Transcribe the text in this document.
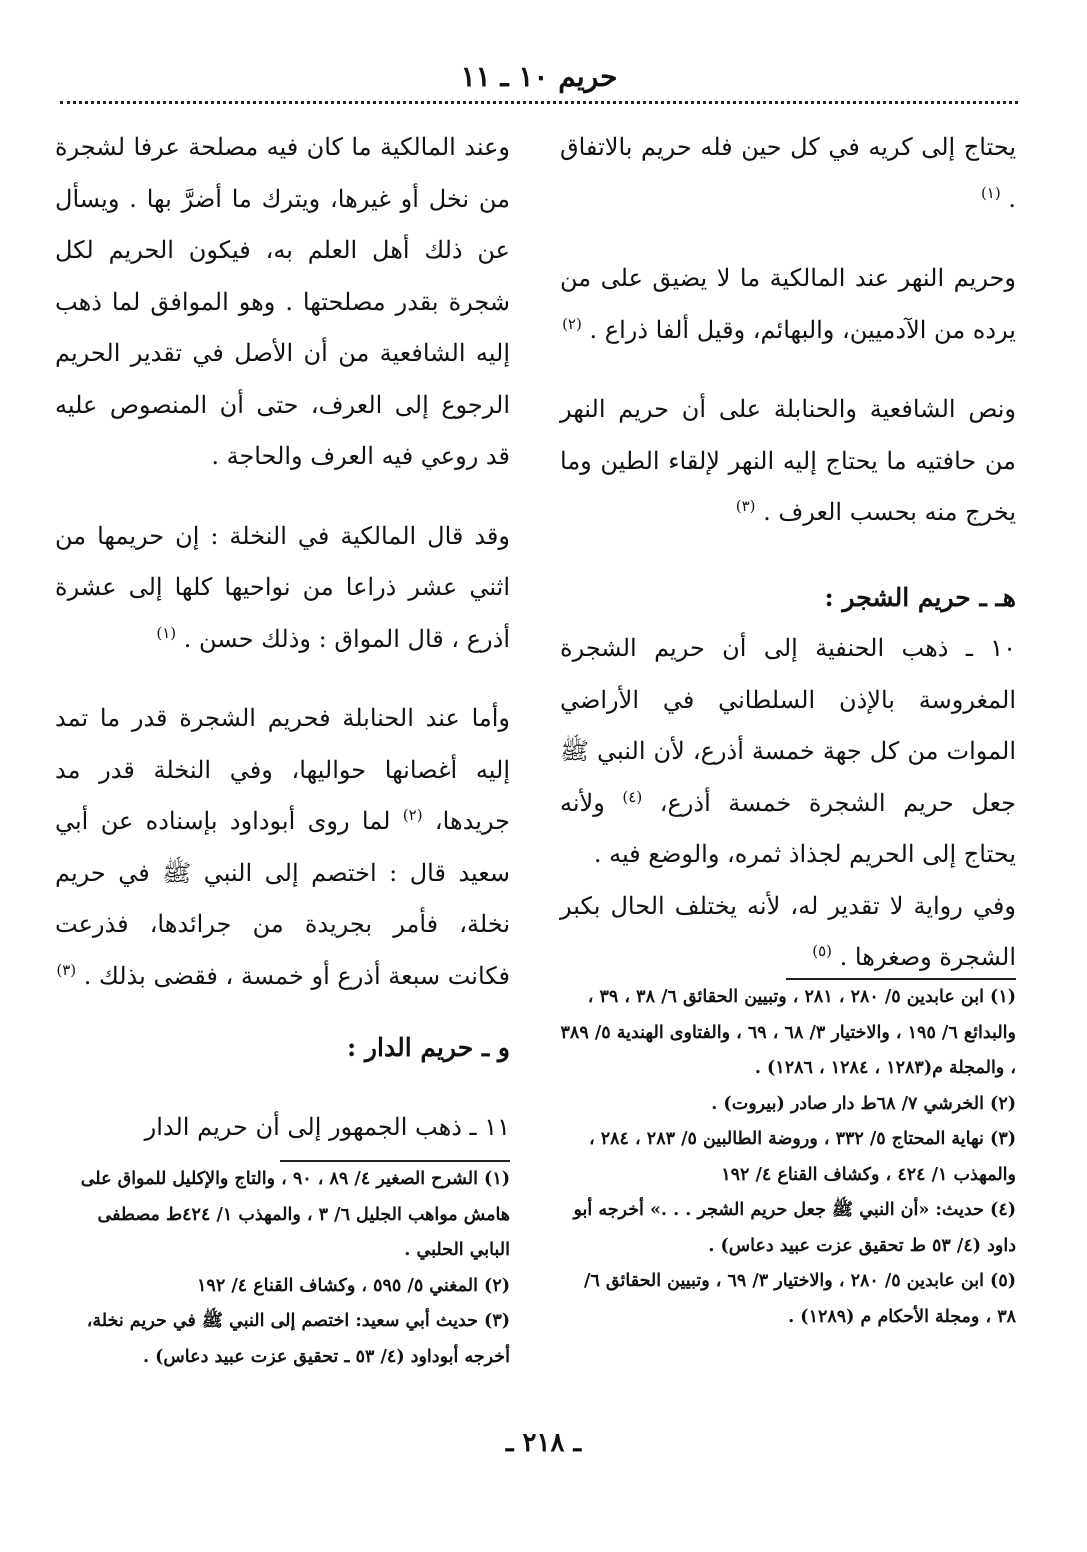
حريم ١٠ ـ ١١

يحتاج إلى كريه في كل حين فله حريم بالاتفاق . $^{(١)}$

وحريم النهر عند المالكية ما لا يضيق على من يرده من الآدميين، والبهائم، وقيل ألفا ذراع . $^{(٢)}$

ونص الشافعية والحنابلة على أن حريم النهر من حافتيه ما يحتاج إليه النهر لإلقاء الطين وما يخرج منه بحسب العرف . $^{(٣)}$

هـ ـ حريم الشجر :

١٠ ـ ذهب الحنفية إلى أن حريم الشجرة المغروسة بالإذن السلطاني في الأراضي الموات من كل جهة خمسة أذرع، لأن النبي ﷺ جعل حريم الشجرة خمسة أذرع، $^{(٤)}$ ولأنه يحتاج إلى الحريم لجذاذ ثمره، والوضع فيه .

وفي رواية لا تقدير له، لأنه يختلف الحال بكبر الشجرة وصغرها . $^{(٥)}$

(١) ابن عابدين ٥/ ٢٨٠ ، ٢٨١ ، وتبيين الحقائق ٦/ ٣٨ ، ٣٩ ، والبدائع ٦/ ١٩٥ ، والاختيار ٣/ ٦٨ ، ٦٩ ، والفتاوى الهندية ٥/ ٣٨٩ ، والمجلة م(١٢٨٣ ، ١٢٨٤ ، ١٢٨٦) .

(٢) الخرشي ٧/ ٦٨ط دار صادر (بيروت) .

(٣) نهاية المحتاج ٥/ ٣٣٢ ، وروضة الطالبين ٥/ ٢٨٣ ، ٢٨٤ ، والمهذب ١/ ٤٢٤ ، وكشاف القناع ٤/ ١٩٢

(٤) حديث: «أن النبي ﷺ جعل حريم الشجر . . .» أخرجه أبو داود (٤/ ٥٣ ط تحقيق عزت عبيد دعاس) .

(٥) ابن عابدين ٥/ ٢٨٠ ، والاختيار ٣/ ٦٩ ، وتبيين الحقائق ٦/ ٣٨ ، ومجلة الأحكام م (١٢٨٩) .

وعند المالكية ما كان فيه مصلحة عرفا لشجرة من نخل أو غيرها، ويترك ما أضرَّ بها . ويسأل عن ذلك أهل العلم به، فيكون الحريم لكل شجرة بقدر مصلحتها . وهو الموافق لما ذهب إليه الشافعية من أن الأصل في تقدير الحريم الرجوع إلى العرف، حتى أن المنصوص عليه قد روعي فيه العرف والحاجة .

وقد قال المالكية في النخلة : إن حريمها من اثني عشر ذراعا من نواحيها كلها إلى عشرة أذرع ، قال المواق : وذلك حسن . $^{(١)}$

وأما عند الحنابلة فحريم الشجرة قدر ما تمد إليه أغصانها حواليها، وفي النخلة قدر مد جريدها، $^{(٢)}$ لما روى أبوداود بإسناده عن أبي سعيد قال : اختصم إلى النبي ﷺ في حريم نخلة، فأمر بجريدة من جرائدها، فذرعت فكانت سبعة أذرع أو خمسة ، فقضى بذلك . $^{(٣)}$

و ـ حريم الدار :

١١ ـ ذهب الجمهور إلى أن حريم الدار

(١) الشرح الصغير ٤/ ٨٩ ، ٩٠ ، والتاج والإكليل للمواق على هامش مواهب الجليل ٦/ ٣ ، والمهذب ١/ ٤٢٤ط مصطفى البابي الحلبي .

(٢) المغني ٥/ ٥٩٥ ، وكشاف القناع ٤/ ١٩٢

(٣) حديث أبي سعيد: اختصم إلى النبي ﷺ في حريم نخلة، أخرجه أبوداود (٤/ ٥٣ ـ تحقيق عزت عبيد دعاس) .

ـ ٢١٨ ـ
